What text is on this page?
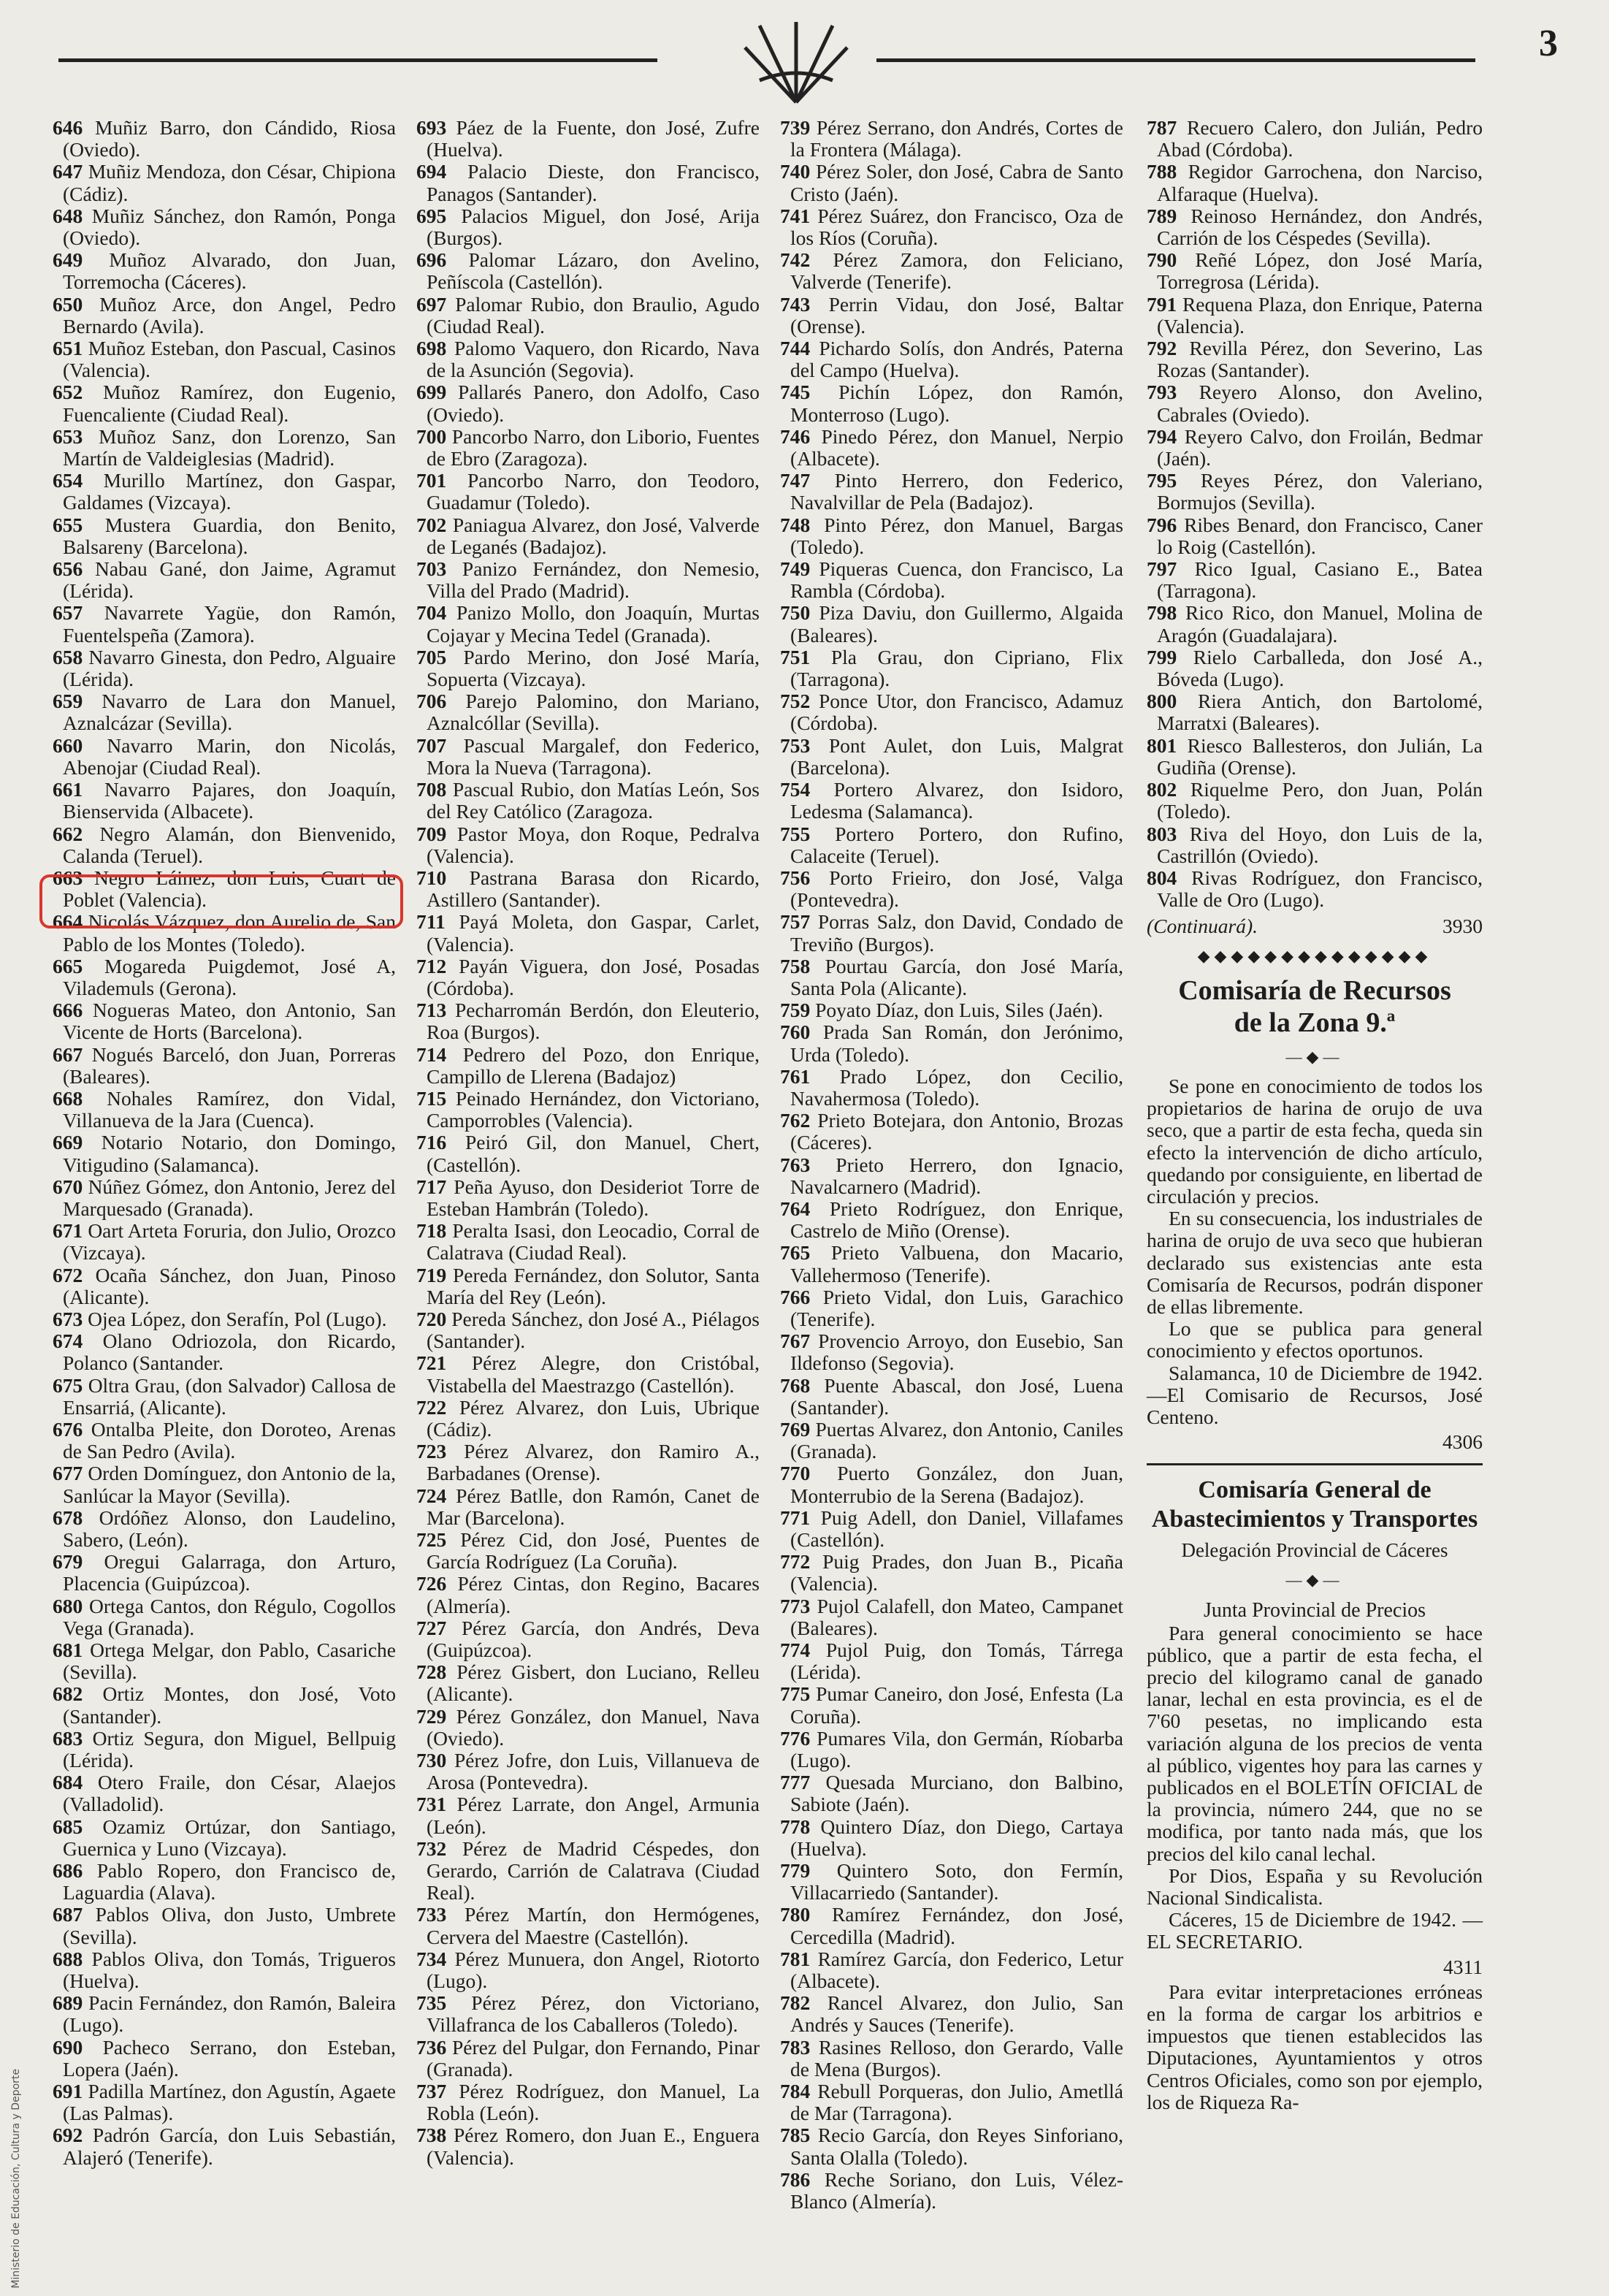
3

646 Muñiz Barro, don Cándido, Riosa (Oviedo).

647 Muñiz Mendoza, don César, Chipiona (Cádiz).

648 Muñiz Sánchez, don Ramón, Ponga (Oviedo).

649 Muñoz Alvarado, don Juan, Torremocha (Cáceres).

650 Muñoz Arce, don Angel, Pedro Bernardo (Avila).

651 Muñoz Esteban, don Pascual, Casinos (Valencia).

652 Muñoz Ramírez, don Eugenio, Fuencaliente (Ciudad Real).

653 Muñoz Sanz, don Lorenzo, San Martín de Valdeiglesias (Madrid).

654 Murillo Martínez, don Gaspar, Galdames (Vizcaya).

655 Mustera Guardia, don Benito, Balsareny (Barcelona).

656 Nabau Gané, don Jaime, Agramut (Lérida).

657 Navarrete Yagüe, don Ramón, Fuentelspeña (Zamora).

658 Navarro Ginesta, don Pedro, Alguaire (Lérida).

659 Navarro de Lara don Manuel, Aznalcázar (Sevilla).

660 Navarro Marin, don Nicolás, Abenojar (Ciudad Real).

661 Navarro Pajares, don Joaquín, Bienservida (Albacete).

662 Negro Alamán, don Bienvenido, Calanda (Teruel).

663 Negro Láinez, don Luis, Cuart de Poblet (Valencia).

664 Nicolás Vázquez, don Aurelio de, San Pablo de los Montes (Toledo).

665 Mogareda Puigdemot, José A, Vilademuls (Gerona).

666 Nogueras Mateo, don Antonio, San Vicente de Horts (Barcelona).

667 Nogués Barceló, don Juan, Porreras (Baleares).

668 Nohales Ramírez, don Vidal, Villanueva de la Jara (Cuenca).

669 Notario Notario, don Domingo, Vitigudino (Salamanca).

670 Núñez Gómez, don Antonio, Jerez del Marquesado (Granada).

671 Oart Arteta Foruria, don Julio, Orozco (Vizcaya).

672 Ocaña Sánchez, don Juan, Pinoso (Alicante).

673 Ojea López, don Serafín, Pol (Lugo).

674 Olano Odriozola, don Ricardo, Polanco (Santander.

675 Oltra Grau, (don Salvador) Callosa de Ensarriá, (Alicante).

676 Ontalba Pleite, don Doroteo, Arenas de San Pedro (Avila).

677 Orden Domínguez, don Antonio de la, Sanlúcar la Mayor (Sevilla).

678 Ordóñez Alonso, don Laudelino, Sabero, (León).

679 Oregui Galarraga, don Arturo, Placencia (Guipúzcoa).

680 Ortega Cantos, don Régulo, Cogollos Vega (Granada).

681 Ortega Melgar, don Pablo, Casariche (Sevilla).

682 Ortiz Montes, don José, Voto (Santander).

683 Ortiz Segura, don Miguel, Bellpuig (Lérida).

684 Otero Fraile, don César, Alaejos (Valladolid).

685 Ozamiz Ortúzar, don Santiago, Guernica y Luno (Vizcaya).

686 Pablo Ropero, don Francisco de, Laguardia (Alava).

687 Pablos Oliva, don Justo, Umbrete (Sevilla).

688 Pablos Oliva, don Tomás, Trigueros (Huelva).

689 Pacin Fernández, don Ramón, Baleira (Lugo).

690 Pacheco Serrano, don Esteban, Lopera (Jaén).

691 Padilla Martínez, don Agustín, Agaete (Las Palmas).

692 Padrón García, don Luis Sebastián, Alajeró (Tenerife).

693 Páez de la Fuente, don José, Zufre (Huelva).

694 Palacio Dieste, don Francisco, Panagos (Santander).

695 Palacios Miguel, don José, Arija (Burgos).

696 Palomar Lázaro, don Avelino, Peñíscola (Castellón).

697 Palomar Rubio, don Braulio, Agudo (Ciudad Real).

698 Palomo Vaquero, don Ricardo, Nava de la Asunción (Segovia).

699 Pallarés Panero, don Adolfo, Caso (Oviedo).

700 Pancorbo Narro, don Liborio, Fuentes de Ebro (Zaragoza).

701 Pancorbo Narro, don Teodoro, Guadamur (Toledo).

702 Paniagua Alvarez, don José, Valverde de Leganés (Badajoz).

703 Panizo Fernández, don Nemesio, Villa del Prado (Madrid).

704 Panizo Mollo, don Joaquín, Murtas Cojayar y Mecina Tedel (Granada).

705 Pardo Merino, don José María, Sopuerta (Vizcaya).

706 Parejo Palomino, don Mariano, Aznalcóllar (Sevilla).

707 Pascual Margalef, don Federico, Mora la Nueva (Tarragona).

708 Pascual Rubio, don Matías León, Sos del Rey Católico (Zaragoza.

709 Pastor Moya, don Roque, Pedralva (Valencia).

710 Pastrana Barasa don Ricardo, Astillero (Santander).

711 Payá Moleta, don Gaspar, Carlet, (Valencia).

712 Payán Viguera, don José, Posadas (Córdoba).

713 Pecharromán Berdón, don Eleuterio, Roa (Burgos).

714 Pedrero del Pozo, don Enrique, Campillo de Llerena (Badajoz)

715 Peinado Hernández, don Victoriano, Camporrobles (Valencia).

716 Peiró Gil, don Manuel, Chert, (Castellón).

717 Peña Ayuso, don Desideriot Torre de Esteban Hambrán (Toledo).

718 Peralta Isasi, don Leocadio, Corral de Calatrava (Ciudad Real).

719 Pereda Fernández, don Solutor, Santa María del Rey (León).

720 Pereda Sánchez, don José A., Piélagos (Santander).

721 Pérez Alegre, don Cristóbal, Vistabella del Maestrazgo (Castellón).

722 Pérez Alvarez, don Luis, Ubrique (Cádiz).

723 Pérez Alvarez, don Ramiro A., Barbadanes (Orense).

724 Pérez Batlle, don Ramón, Canet de Mar (Barcelona).

725 Pérez Cid, don José, Puentes de García Rodríguez (La Coruña).

726 Pérez Cintas, don Regino, Bacares (Almería).

727 Pérez García, don Andrés, Deva (Guipúzcoa).

728 Pérez Gisbert, don Luciano, Relleu (Alicante).

729 Pérez González, don Manuel, Nava (Oviedo).

730 Pérez Jofre, don Luis, Villanueva de Arosa (Pontevedra).

731 Pérez Larrate, don Angel, Armunia (León).

732 Pérez de Madrid Céspedes, don Gerardo, Carrión de Calatrava (Ciudad Real).

733 Pérez Martín, don Hermógenes, Cervera del Maestre (Castellón).

734 Pérez Munuera, don Angel, Riotorto (Lugo).

735 Pérez Pérez, don Victoriano, Villafranca de los Caballeros (Toledo).

736 Pérez del Pulgar, don Fernando, Pinar (Granada).

737 Pérez Rodríguez, don Manuel, La Robla (León).

738 Pérez Romero, don Juan E., Enguera (Valencia).

739 Pérez Serrano, don Andrés, Cortes de la Frontera (Málaga).

740 Pérez Soler, don José, Cabra de Santo Cristo (Jaén).

741 Pérez Suárez, don Francisco, Oza de los Ríos (Coruña).

742 Pérez Zamora, don Feliciano, Valverde (Tenerife).

743 Perrin Vidau, don José, Baltar (Orense).

744 Pichardo Solís, don Andrés, Paterna del Campo (Huelva).

745 Pichín López, don Ramón, Monterroso (Lugo).

746 Pinedo Pérez, don Manuel, Nerpio (Albacete).

747 Pinto Herrero, don Federico, Navalvillar de Pela (Badajoz).

748 Pinto Pérez, don Manuel, Bargas (Toledo).

749 Piqueras Cuenca, don Francisco, La Rambla (Córdoba).

750 Piza Daviu, don Guillermo, Algaida (Baleares).

751 Pla Grau, don Cipriano, Flix (Tarragona).

752 Ponce Utor, don Francisco, Adamuz (Córdoba).

753 Pont Aulet, don Luis, Malgrat (Barcelona).

754 Portero Alvarez, don Isidoro, Ledesma (Salamanca).

755 Portero Portero, don Rufino, Calaceite (Teruel).

756 Porto Frieiro, don José, Valga (Pontevedra).

757 Porras Salz, don David, Condado de Treviño (Burgos).

758 Pourtau García, don José María, Santa Pola (Alicante).

759 Poyato Díaz, don Luis, Siles (Jaén).

760 Prada San Román, don Jerónimo, Urda (Toledo).

761 Prado López, don Cecilio, Navahermosa (Toledo).

762 Prieto Botejara, don Antonio, Brozas (Cáceres).

763 Prieto Herrero, don Ignacio, Navalcarnero (Madrid).

764 Prieto Rodríguez, don Enrique, Castrelo de Miño (Orense).

765 Prieto Valbuena, don Macario, Vallehermoso (Tenerife).

766 Prieto Vidal, don Luis, Garachico (Tenerife).

767 Provencio Arroyo, don Eusebio, San Ildefonso (Segovia).

768 Puente Abascal, don José, Luena (Santander).

769 Puertas Alvarez, don Antonio, Caniles (Granada).

770 Puerto González, don Juan, Monterrubio de la Serena (Badajoz).

771 Puig Adell, don Daniel, Villafames (Castellón).

772 Puig Prades, don Juan B., Picaña (Valencia).

773 Pujol Calafell, don Mateo, Campanet (Baleares).

774 Pujol Puig, don Tomás, Tárrega (Lérida).

775 Pumar Caneiro, don José, Enfesta (La Coruña).

776 Pumares Vila, don Germán, Ríobarba (Lugo).

777 Quesada Murciano, don Balbino, Sabiote (Jaén).

778 Quintero Díaz, don Diego, Cartaya (Huelva).

779 Quintero Soto, don Fermín, Villacarriedo (Santander).

780 Ramírez Fernández, don José, Cercedilla (Madrid).

781 Ramírez García, don Federico, Letur (Albacete).

782 Rancel Alvarez, don Julio, San Andrés y Sauces (Tenerife).

783 Rasines Relloso, don Gerardo, Valle de Mena (Burgos).

784 Rebull Porqueras, don Julio, Ametllá de Mar (Tarragona).

785 Recio García, don Reyes Sinforiano, Santa Olalla (Toledo).

786 Reche Soriano, don Luis, Vélez-Blanco (Almería).

787 Recuero Calero, don Julián, Pedro Abad (Córdoba).

788 Regidor Garrochena, don Narciso, Alfaraque (Huelva).

789 Reinoso Hernández, don Andrés, Carrión de los Céspedes (Sevilla).

790 Reñé López, don José María, Torregrosa (Lérida).

791 Requena Plaza, don Enrique, Paterna (Valencia).

792 Revilla Pérez, don Severino, Las Rozas (Santander).

793 Reyero Alonso, don Avelino, Cabrales (Oviedo).

794 Reyero Calvo, don Froilán, Bedmar (Jaén).

795 Reyes Pérez, don Valeriano, Bormujos (Sevilla).

796 Ribes Benard, don Francisco, Caner lo Roig (Castellón).

797 Rico Igual, Casiano E., Batea (Tarragona).

798 Rico Rico, don Manuel, Molina de Aragón (Guadalajara).

799 Rielo Carballeda, don José A., Bóveda (Lugo).

800 Riera Antich, don Bartolomé, Marratxi (Baleares).

801 Riesco Ballesteros, don Julián, La Gudiña (Orense).

802 Riquelme Pero, don Juan, Polán (Toledo).

803 Riva del Hoyo, don Luis de la, Castrillón (Oviedo).

804 Rivas Rodríguez, don Francisco, Valle de Oro (Lugo).

(Continuará).	3930
◆◆◆◆◆◆◆◆◆◆◆◆◆◆
Comisaría de Recursos
de la Zona 9.ª
—◆—

Se pone en conocimiento de todos los propietarios de harina de orujo de uva seco, que a partir de esta fecha, queda sin efecto la intervención de dicho artículo, quedando por consiguiente, en libertad de circulación y precios.

En su consecuencia, los industriales de harina de orujo de uva seco que hubieran declarado sus existencias ante esta Comisaría de Recursos, podrán disponer de ellas libremente.

Lo que se publica para general conocimiento y efectos oportunos.

Salamanca, 10 de Diciembre de 1942. —El Comisario de Recursos, José Centeno.

4306
Comisaría General de Abastecimientos y Transportes
Delegación Provincial de Cáceres
—◆—
Junta Provincial de Precios

Para general conocimiento se hace público, que a partir de esta fecha, el precio del kilogramo canal de ganado lanar, lechal en esta provincia, es el de 7'60 pesetas, no implicando esta variación alguna de los precios de venta al público, vigentes hoy para las carnes y publicados en el BOLETÍN OFICIAL de la provincia, número 244, que no se modifica, por tanto nada más, que los precios del kilo canal lechal.

Por Dios, España y su Revolución Nacional Sindicalista.

Cáceres, 15 de Diciembre de 1942. —EL SECRETARIO.

4311

Para evitar interpretaciones erróneas en la forma de cargar los arbitrios e impuestos que tienen establecidos las Diputaciones, Ayuntamientos y otros Centros Oficiales, como son por ejemplo, los de Riqueza Ra-

Ministerio de Educación, Cultura y Deporte
